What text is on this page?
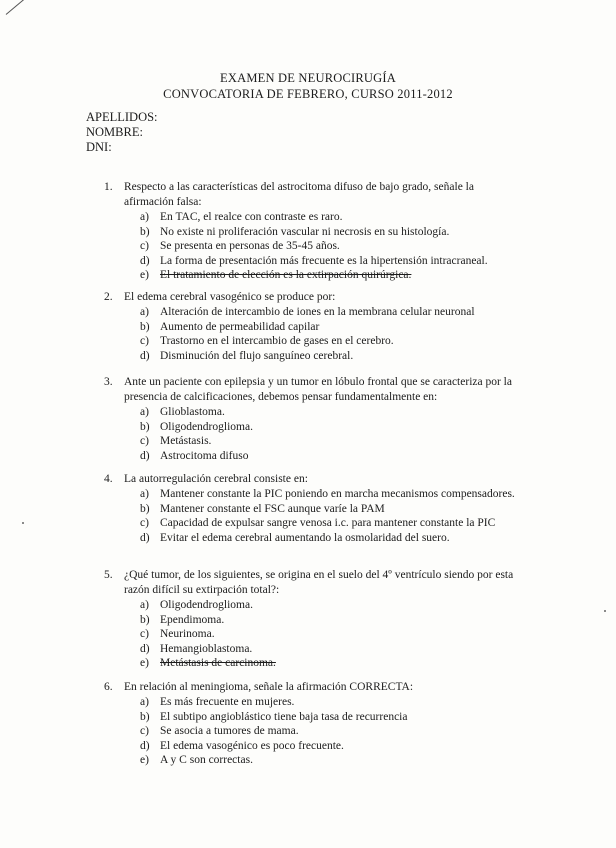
EXAMEN DE NEUROCIRUGÍA
CONVOCATORIA DE FEBRERO, CURSO 2011-2012
APELLIDOS:
NOMBRE:
DNI:
1. Respecto a las características del astrocitoma difuso de bajo grado, señale la afirmación falsa:
a) En TAC, el realce con contraste es raro.
b) No existe ni proliferación vascular ni necrosis en su histología.
c) Se presenta en personas de 35-45 años.
d) La forma de presentación más frecuente es la hipertensión intracraneal.
e) El tratamiento de elección es la extirpación quirúrgica.
2. El edema cerebral vasogénico se produce por:
a) Alteración de intercambio de iones en la membrana celular neuronal
b) Aumento de permeabilidad capilar
c) Trastorno en el intercambio de gases en el cerebro.
d) Disminución del flujo sanguíneo cerebral.
3. Ante un paciente con epilepsia y un tumor en lóbulo frontal que se caracteriza por la presencia de calcificaciones, debemos pensar fundamentalmente en:
a) Glioblastoma.
b) Oligodendroglioma.
c) Metástasis.
d) Astrocitoma difuso
4. La autorregulación cerebral consiste en:
a) Mantener constante la PIC poniendo en marcha mecanismos compensadores.
b) Mantener constante el FSC aunque varíe la PAM
c) Capacidad de expulsar sangre venosa i.c. para mantener constante la PIC
d) Evitar el edema cerebral aumentando la osmolaridad del suero.
5. ¿Qué tumor, de los siguientes, se origina en el suelo del 4º ventrículo siendo por esta razón difícil su extirpación total?:
a) Oligodendroglioma.
b) Ependimoma.
c) Neurinoma.
d) Hemangioblastoma.
e) Metástasis de carcinoma.
6. En relación al meningioma, señale la afirmación CORRECTA:
a) Es más frecuente en mujeres.
b) El subtipo angioblástico tiene baja tasa de recurrencia
c) Se asocia a tumores de mama.
d) El edema vasogénico es poco frecuente.
e) A y C son correctas.
